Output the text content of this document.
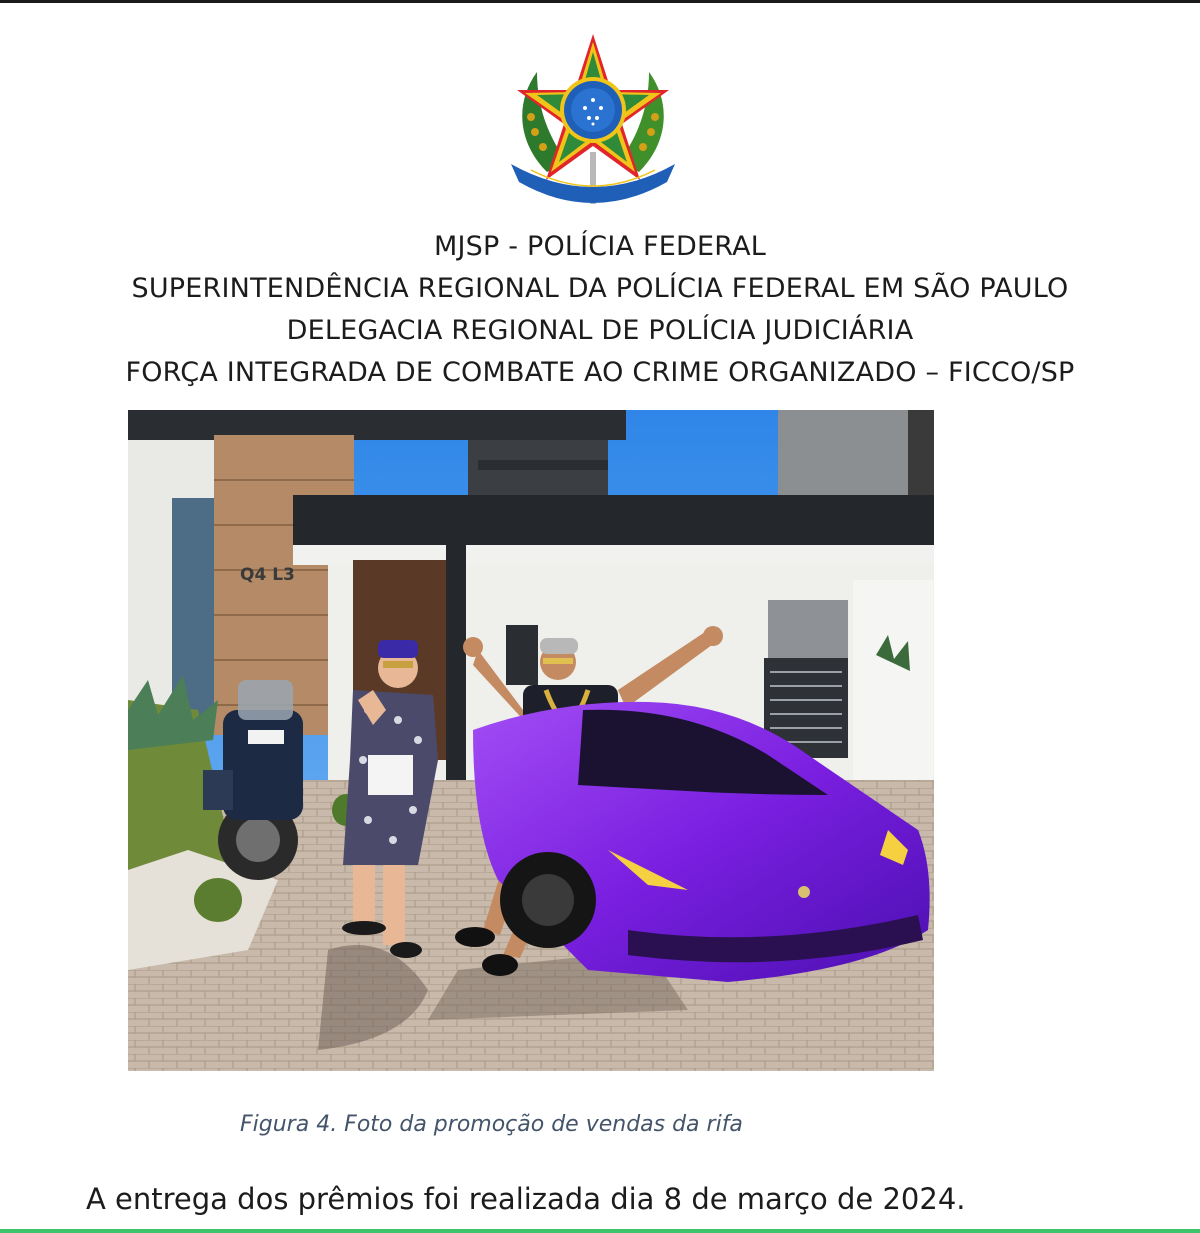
MJSP - POLÍCIA FEDERAL
SUPERINTENDÊNCIA REGIONAL DA POLÍCIA FEDERAL EM SÃO PAULO
DELEGACIA REGIONAL DE POLÍCIA JUDICIÁRIA
FORÇA INTEGRADA DE COMBATE AO CRIME ORGANIZADO – FICCO/SP
Q4 L3
Figura 4. Foto da promoção de vendas da rifa
A entrega dos prêmios foi realizada dia 8 de março de 2024.
